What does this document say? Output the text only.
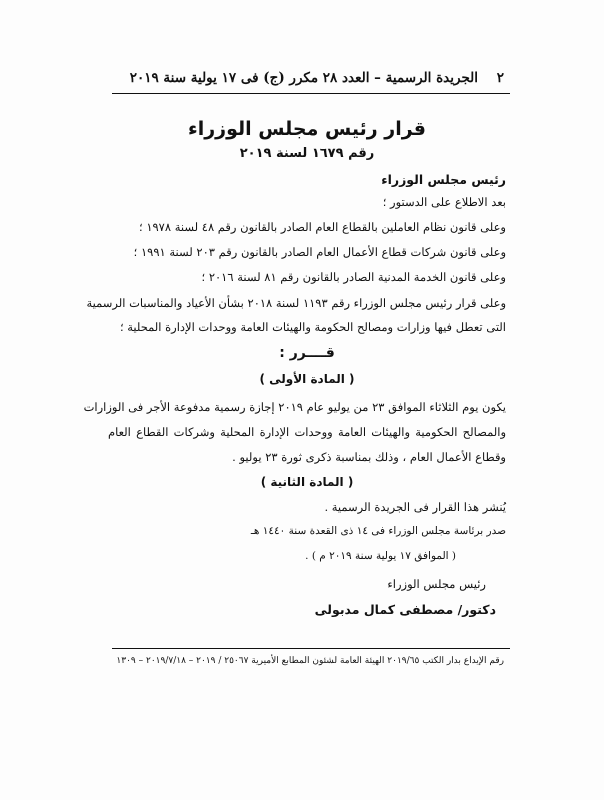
٢ الجريدة الرسمية – العدد ٢٨ مكرر (ج) فى ١٧ يولية سنة ٢٠١٩
قرار رئيس مجلس الوزراء
رقم ١٦٧٩ لسنة ٢٠١٩
رئيس مجلس الوزراء
بعد الاطلاع على الدستور ؛
وعلى قانون نظام العاملين بالقطاع العام الصادر بالقانون رقم ٤٨ لسنة ١٩٧٨ ؛
وعلى قانون شركات قطاع الأعمال العام الصادر بالقانون رقم ٢٠٣ لسنة ١٩٩١ ؛
وعلى قانون الخدمة المدنية الصادر بالقانون رقم ٨١ لسنة ٢٠١٦ ؛
وعلى قرار رئيس مجلس الوزراء رقم ١١٩٣ لسنة ٢٠١٨ بشأن الأعياد والمناسبات الرسمية
التى تعطل فيها وزارات ومصالح الحكومة والهيئات العامة ووحدات الإدارة المحلية ؛
قــــرر :
( المادة الأولى )
يكون يوم الثلاثاء الموافق ٢٣ من يوليو عام ٢٠١٩ إجازة رسمية مدفوعة الأجر فى الوزارات
والمصالح الحكومية والهيئات العامة ووحدات الإدارة المحلية وشركات القطاع العام
وقطاع الأعمال العام ، وذلك بمناسبة ذكرى ثورة ٢٣ يوليو .
( المادة الثانية )
يُنشر هذا القرار فى الجريدة الرسمية .
صدر برئاسة مجلس الوزراء فى ١٤ ذى القعدة سنة ١٤٤٠ هـ
( الموافق ١٧ يولية سنة ٢٠١٩ م ) .
رئيس مجلس الوزراء
دكتور/ مصطفى كمال مدبولى
رقم الإيداع بدار الكتب ٢٠١٩/٦٥ الهيئة العامة لشئون المطابع الأميرية ٢٥٠٦٧ / ٢٠١٩ – ٢٠١٩/٧/١٨ – ١٣٠٩
